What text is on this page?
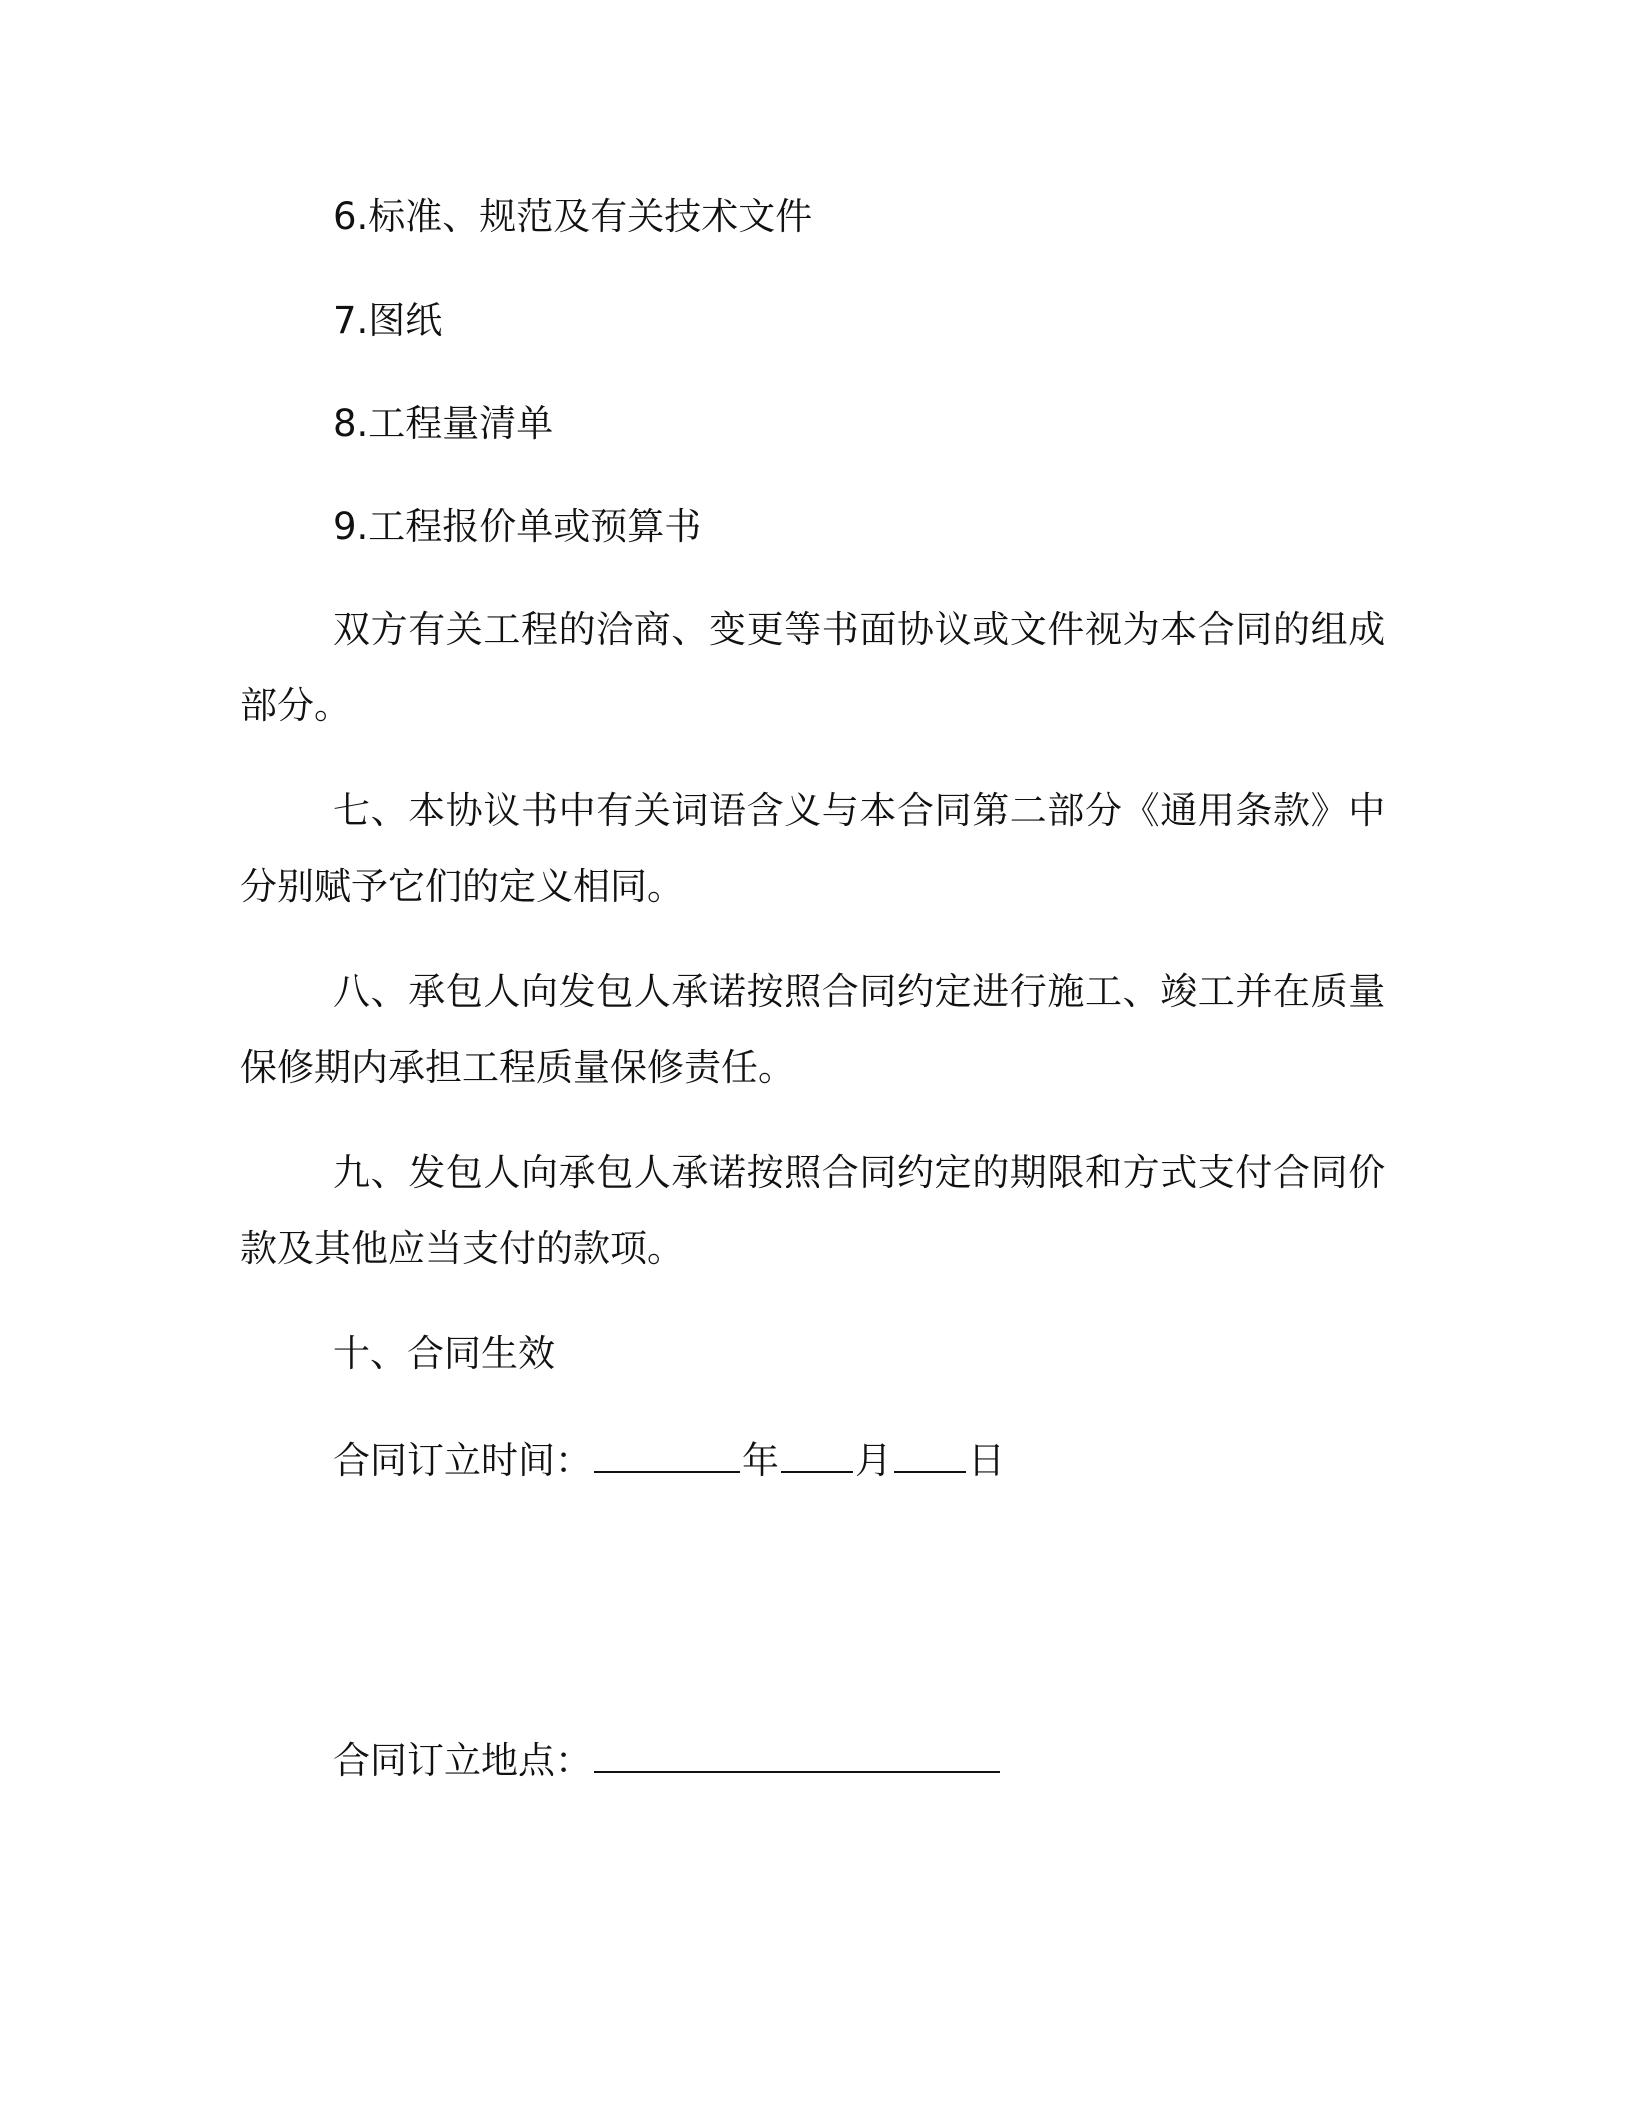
6.标准、规范及有关技术文件
7.图纸
8.工程量清单
9.工程报价单或预算书
双方有关工程的洽商、变更等书面协议或文件视为本合同的组成
部分。
七、本协议书中有关词语含义与本合同第二部分《通用条款》中
分别赋予它们的定义相同。
八、承包人向发包人承诺按照合同约定进行施工、竣工并在质量
保修期内承担工程质量保修责任。
九、发包人向承包人承诺按照合同约定的期限和方式支付合同价
款及其他应当支付的款项。
十、合同生效
合同订立时间：	年 月 日
合同订立地点：
